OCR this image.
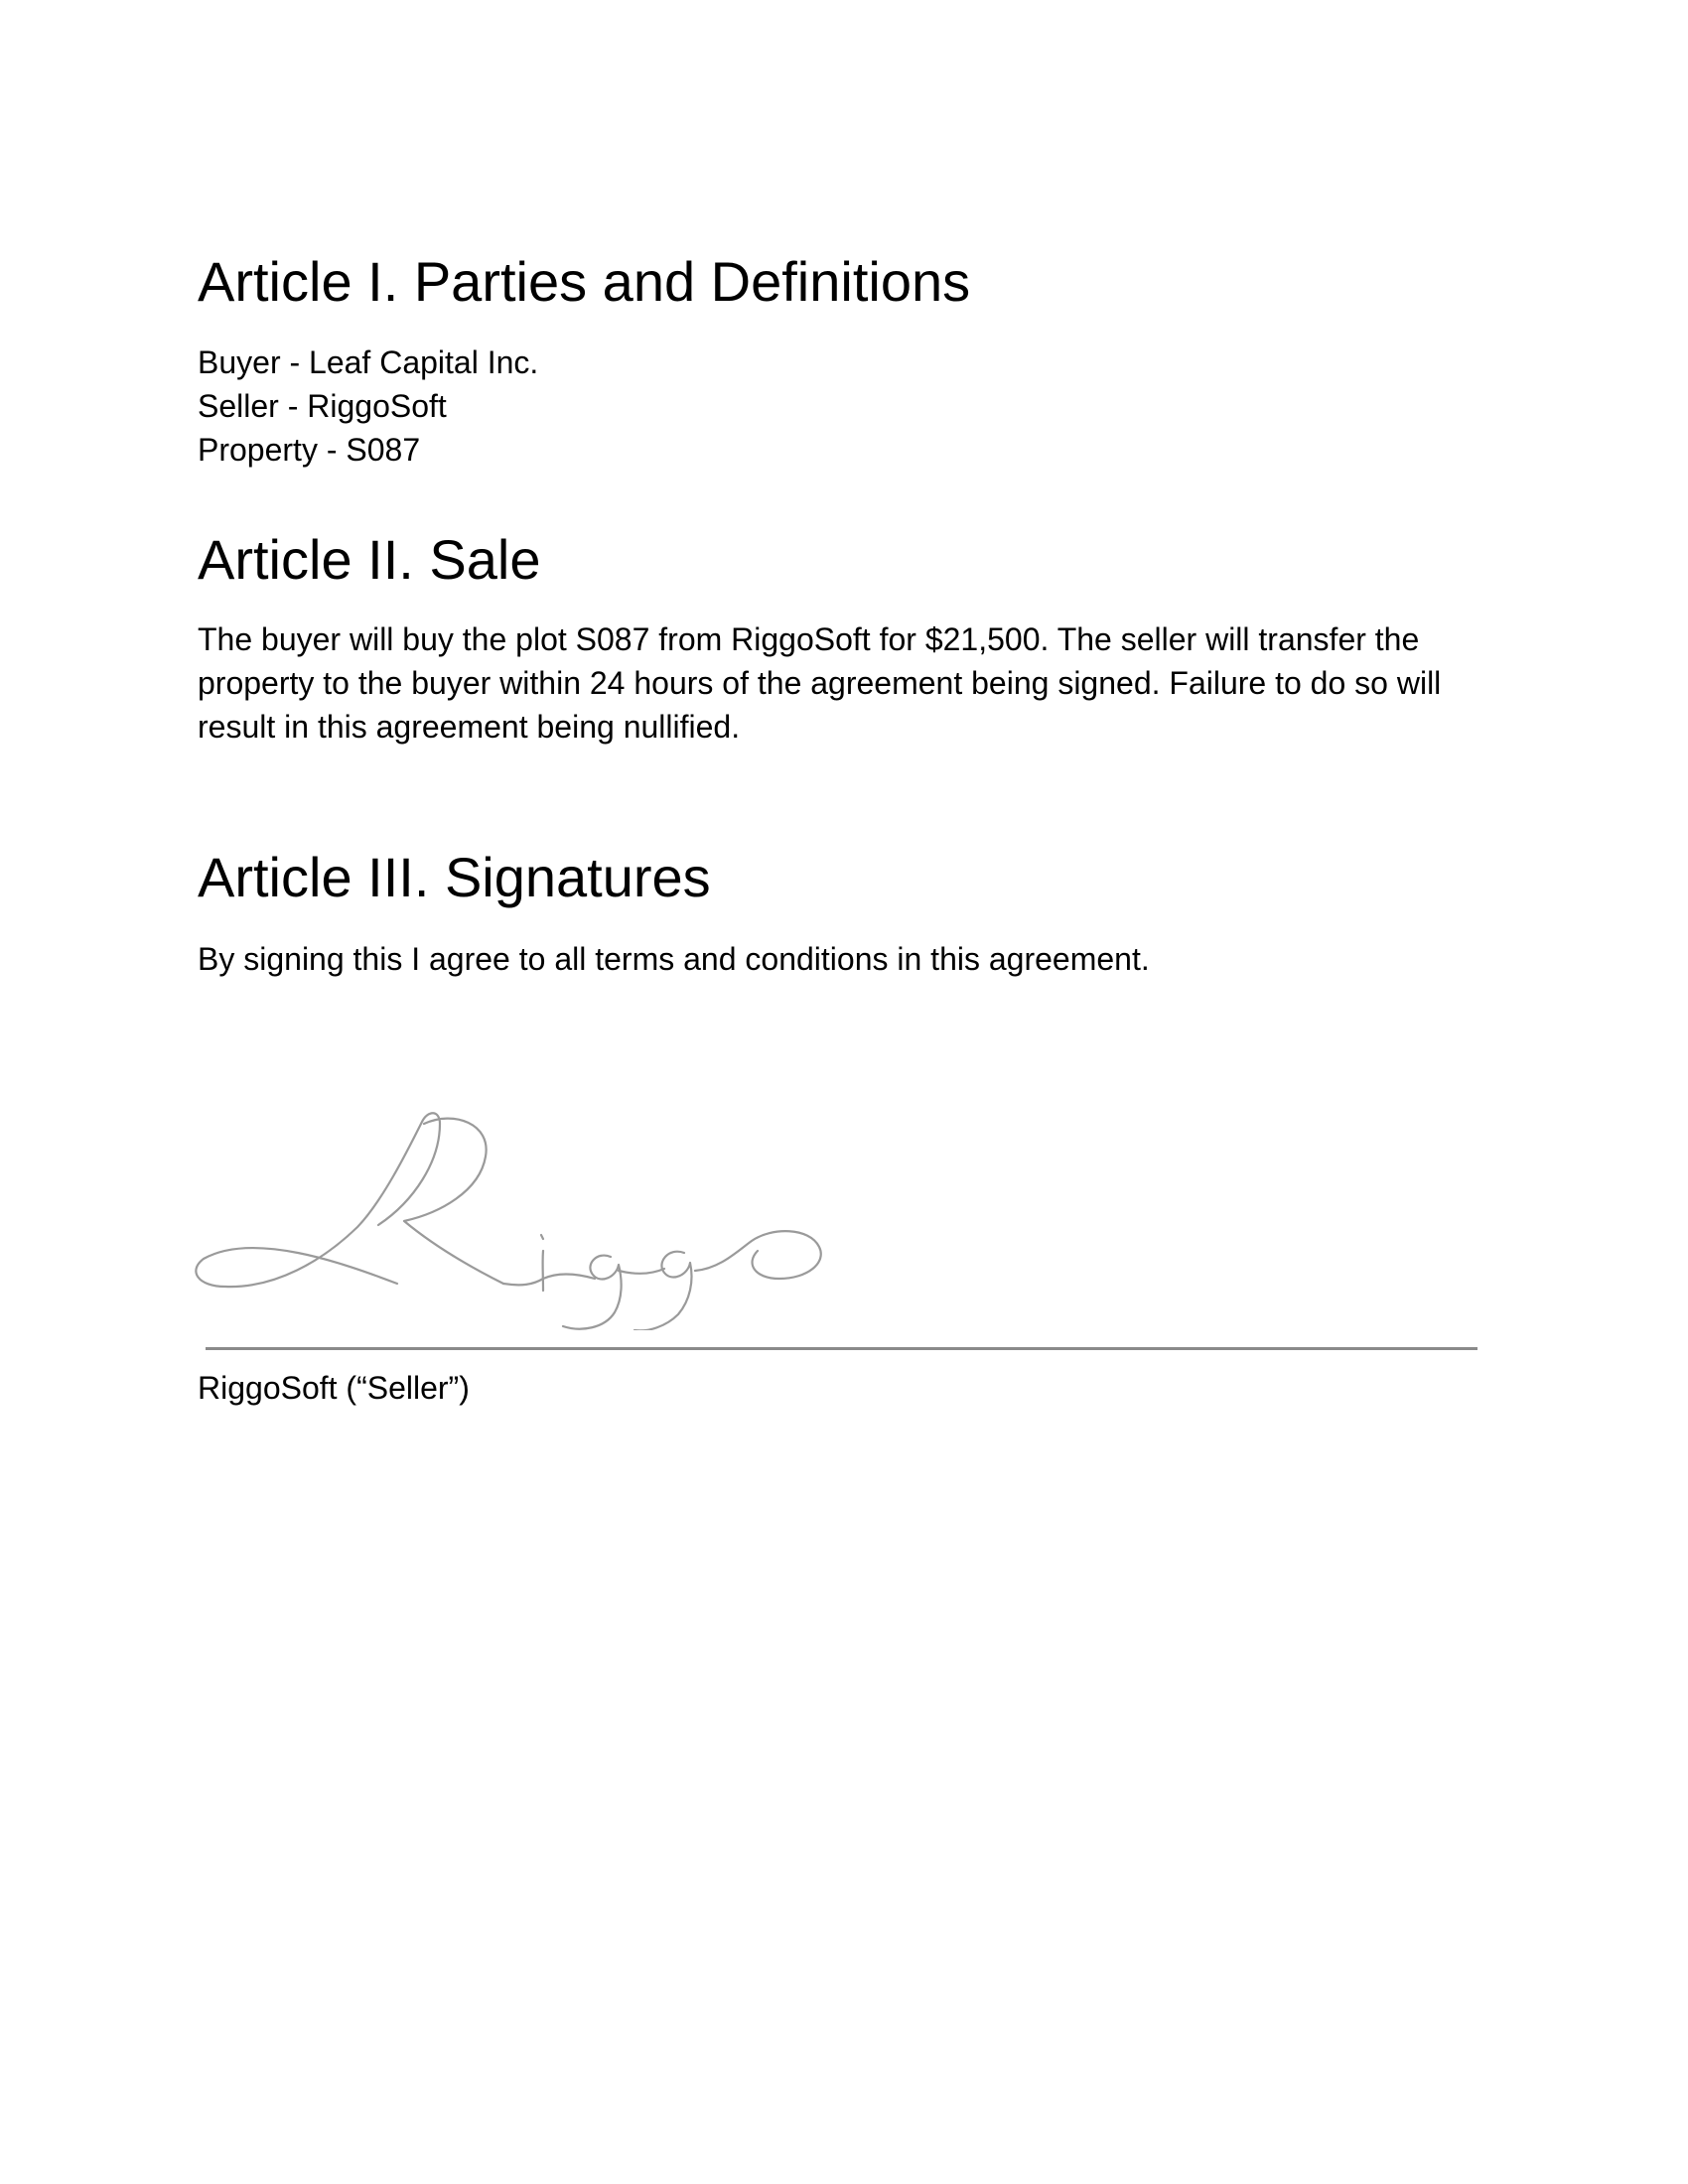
Article I. Parties and Definitions
Buyer - Leaf Capital Inc.
Seller - RiggoSoft
Property - S087
Article II. Sale

The buyer will buy the plot S087 from RiggoSoft for $21,500. The seller will transfer the property to the buyer within 24 hours of the agreement being signed. Failure to do so will result in this agreement being nullified.

Article III. Signatures

By signing this I agree to all terms and conditions in this agreement.

RiggoSoft (“Seller”)
